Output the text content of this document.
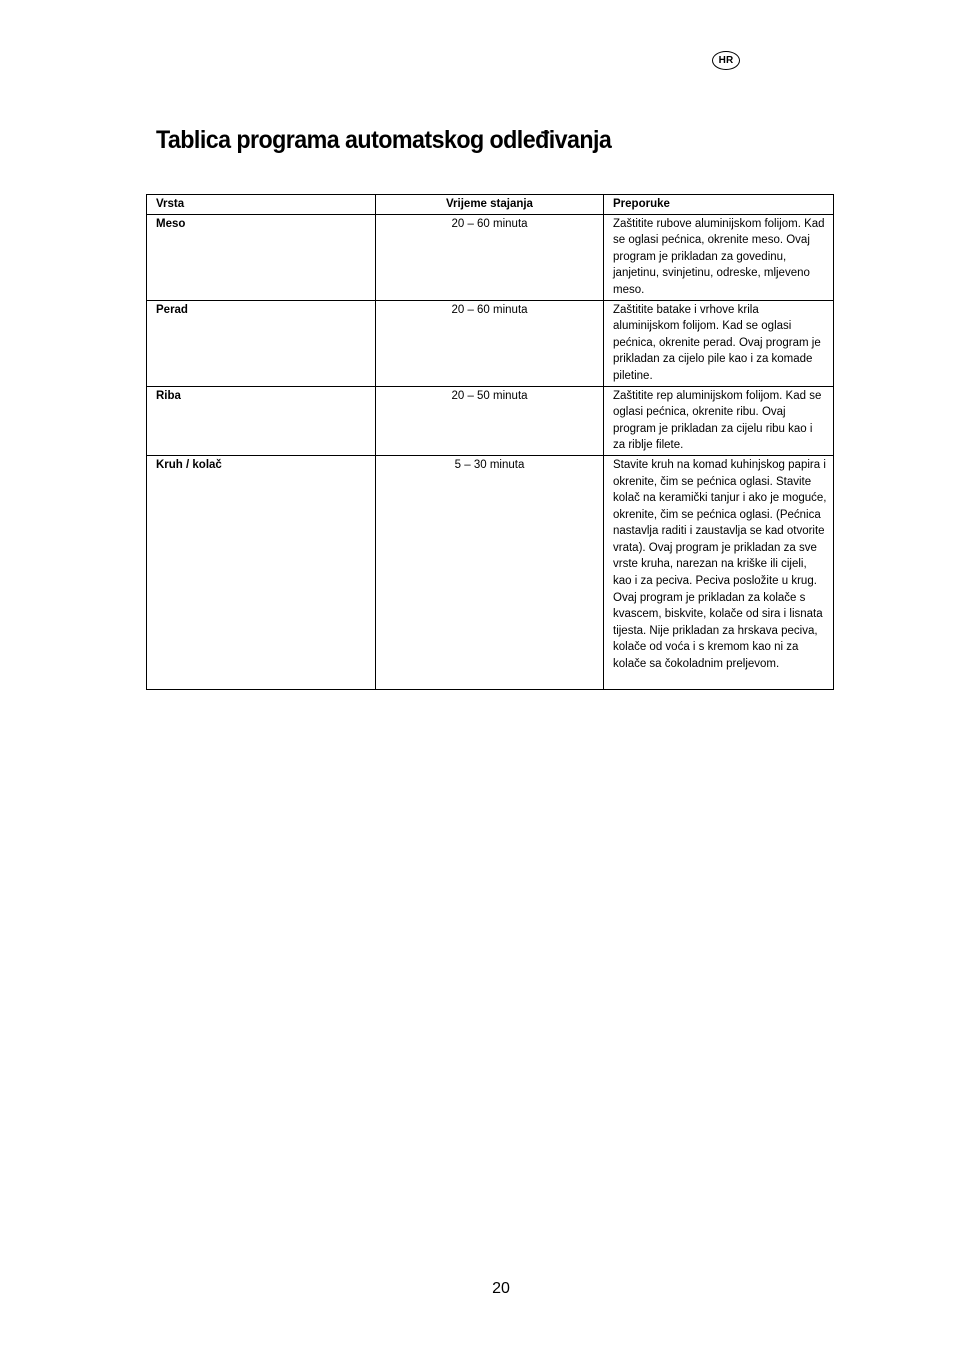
HR
Tablica programa automatskog odleđivanja
Vrsta	Vrijeme stajanja	Preporuke
Meso	20 – 60 minuta	Zaštitite rubove aluminijskom folijom. Kad se oglasi pećnica, okrenite meso. Ovaj program je prikladan za govedinu, janjetinu, svinjetinu, odreske, mljeveno meso.
Perad	20 – 60 minuta	Zaštitite batake i vrhove krila aluminijskom folijom. Kad se oglasi pećnica, okrenite perad. Ovaj program je prikladan za cijelo pile kao i za komade piletine.
Riba	20 – 50 minuta	Zaštitite rep aluminijskom folijom. Kad se oglasi pećnica, okrenite ribu. Ovaj program je prikladan za cijelu ribu kao i za riblje filete.
Kruh / kolač	5 – 30 minuta	Stavite kruh na komad kuhinjskog papira i okrenite, čim se pećnica oglasi. Stavite kolač na keramički tanjur i ako je moguće, okrenite, čim se pećnica oglasi. (Pećnica nastavlja raditi i zaustavlja se kad otvorite vrata). Ovaj program je prikladan za sve vrste kruha, narezan na kriške ili cijeli, kao i za peciva. Peciva posložite u krug. Ovaj program je prikladan za kolače s kvascem, biskvite, kolače od sira i lisnata tijesta. Nije prikladan za hrskava peciva, kolače od voća i s kremom kao ni za kolače sa čokoladnim preljevom.
20
